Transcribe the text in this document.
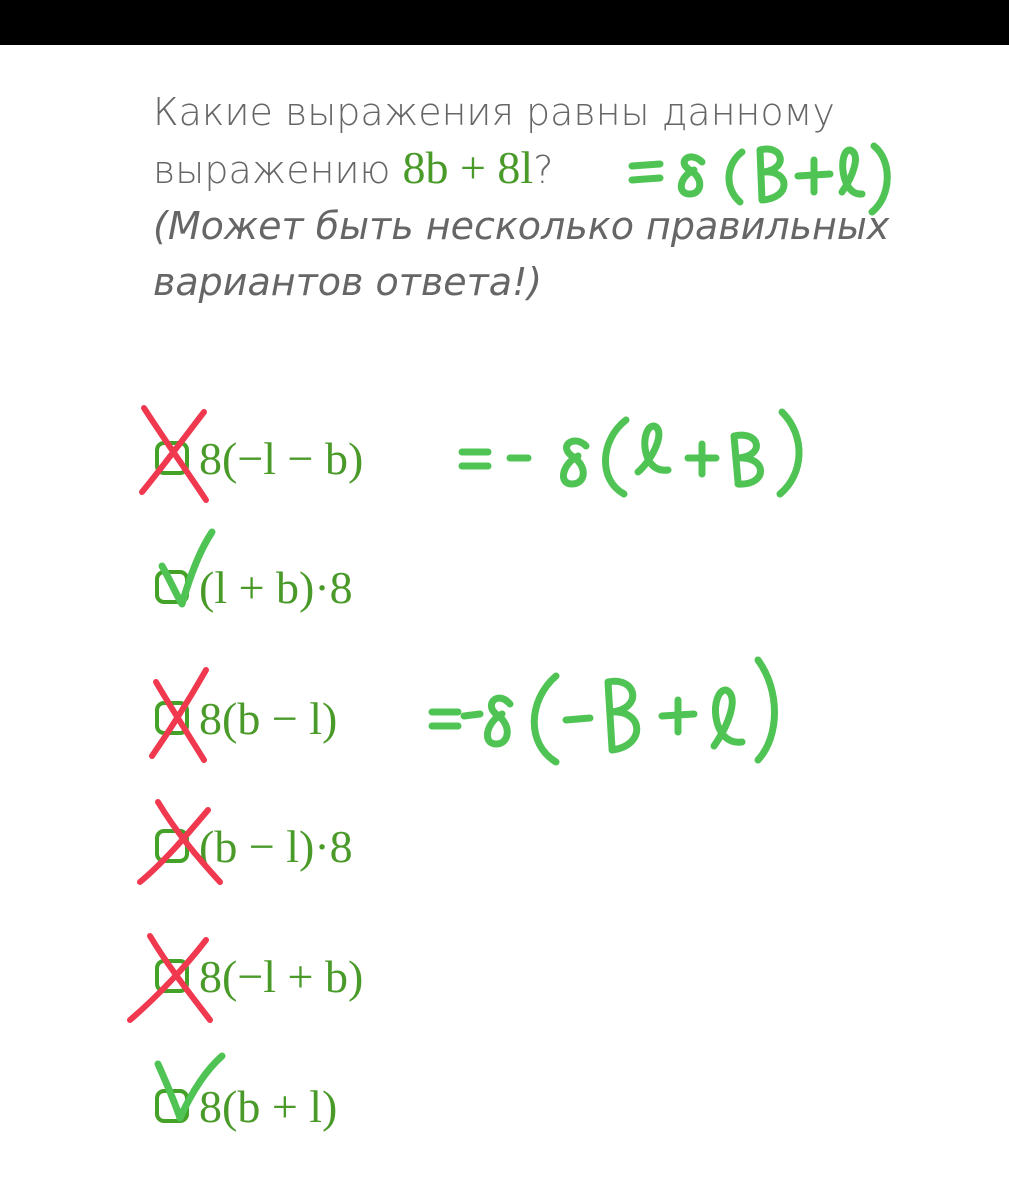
Какие выражения равны данному
выражению 8b + 8l?
(Может быть несколько правильных
вариантов ответа!)
8(−l − b)
(l + b)·8
8(b − l)
(b − l)·8
8(−l + b)
8(b + l)
